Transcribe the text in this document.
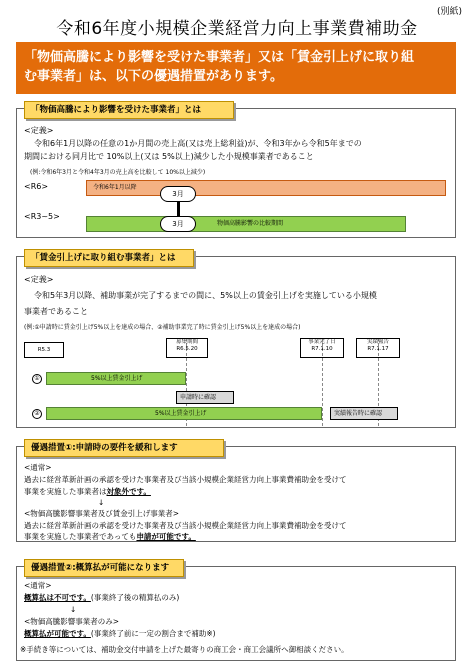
(別紙)
令和6年度小規模企業経営力向上事業費補助金
「物価高騰により影響を受けた事業者」又は「賃金引上げに取り組
む事業者」は、以下の優遇措置があります。
「物価高騰により影響を受けた事業者」とは
<定義>
令和6年1月以降の任意の1か月間の売上高(又は売上総利益)が、令和3年から令和5年までの
期間における同月比で 10%以上(又は 5%以上)減少した小規模事業者であること
(例:令和6年3月と令和4年3月の売上高を比較して 10%以上減少)
<R6>	令和6年1月以降
3月
<R3~5>
物価高騰影響の比較期間
3月
「賃金引上げに取り組む事業者」とは
<定義>
令和5年3月以降、補助事業が完了するまでの間に、5%以上の賃金引上げを実施している小規模
事業者であること
(例:①申請時に賃金引上げ5%以上を達成の場合、②補助事業完了時に賃金引上げ5%以上を達成の場合)
R5.3
募集期間
R6.5.20
事業完了日
R7.1.10
実績報告
R7.1.17
①	5%以上賃金引上げ
申請時に確認
②	5%以上賃金引上げ	実績報告時に確認
優遇措置①:申請時の要件を緩和します
<通常>
過去に経営革新計画の承認を受けた事業者及び当該小規模企業経営力向上事業費補助金を受けて
事業を実施した事業者は対象外です。
↓
<物価高騰影響事業者及び賃金引上げ事業者>
過去に経営革新計画の承認を受けた事業者及び当該小規模企業経営力向上事業費補助金を受けて
事業を実施した事業者であっても申請が可能です。
優遇措置②:概算払が可能になります
<通常>
概算払は不可です。(事業終了後の精算払のみ)
↓
<物価高騰影響事業者のみ>
概算払が可能です。(事業終了前に一定の割合まで補助※)
※手続き等については、補助金交付申請を上げた最寄りの商工会・商工会議所へ御相談ください。
